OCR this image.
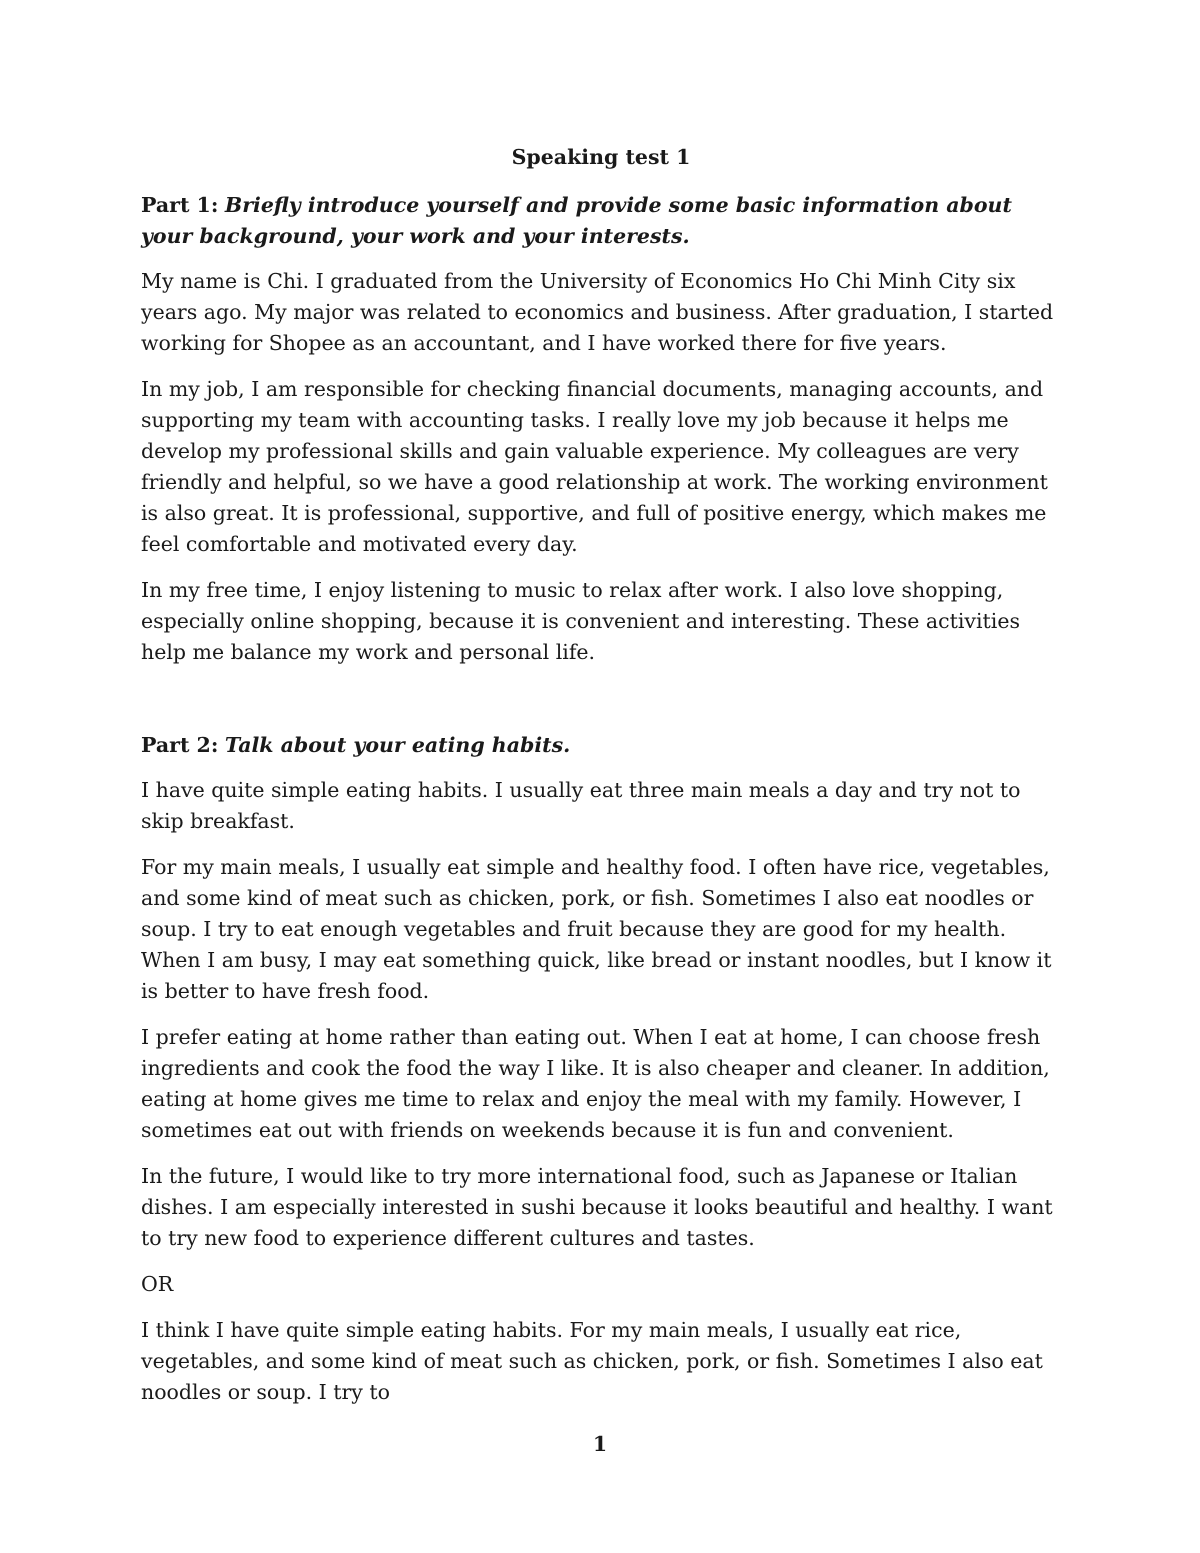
Speaking test 1
Part 1: Briefly introduce yourself and provide some basic information about your background, your work and your interests.

My name is Chi. I graduated from the University of Economics Ho Chi Minh City six years ago. My major was related to economics and business. After graduation, I started working for Shopee as an accountant, and I have worked there for five years.

In my job, I am responsible for checking financial documents, managing accounts, and supporting my team with accounting tasks. I really love my job because it helps me develop my professional skills and gain valuable experience. My colleagues are very friendly and helpful, so we have a good relationship at work. The working environment is also great. It is professional, supportive, and full of positive energy, which makes me feel comfortable and motivated every day.

In my free time, I enjoy listening to music to relax after work. I also love shopping, especially online shopping, because it is convenient and interesting. These activities help me balance my work and personal life.

Part 2: Talk about your eating habits.

I have quite simple eating habits. I usually eat three main meals a day and try not to skip breakfast.

For my main meals, I usually eat simple and healthy food. I often have rice, vegetables, and some kind of meat such as chicken, pork, or fish. Sometimes I also eat noodles or soup. I try to eat enough vegetables and fruit because they are good for my health. When I am busy, I may eat something quick, like bread or instant noodles, but I know it is better to have fresh food.

I prefer eating at home rather than eating out. When I eat at home, I can choose fresh ingredients and cook the food the way I like. It is also cheaper and cleaner. In addition, eating at home gives me time to relax and enjoy the meal with my family. However, I sometimes eat out with friends on weekends because it is fun and convenient.

In the future, I would like to try more international food, such as Japanese or Italian dishes. I am especially interested in sushi because it looks beautiful and healthy. I want to try new food to experience different cultures and tastes.

OR

I think I have quite simple eating habits. For my main meals, I usually eat rice, vegetables, and some kind of meat such as chicken, pork, or fish. Sometimes I also eat noodles or soup. I try to

1
